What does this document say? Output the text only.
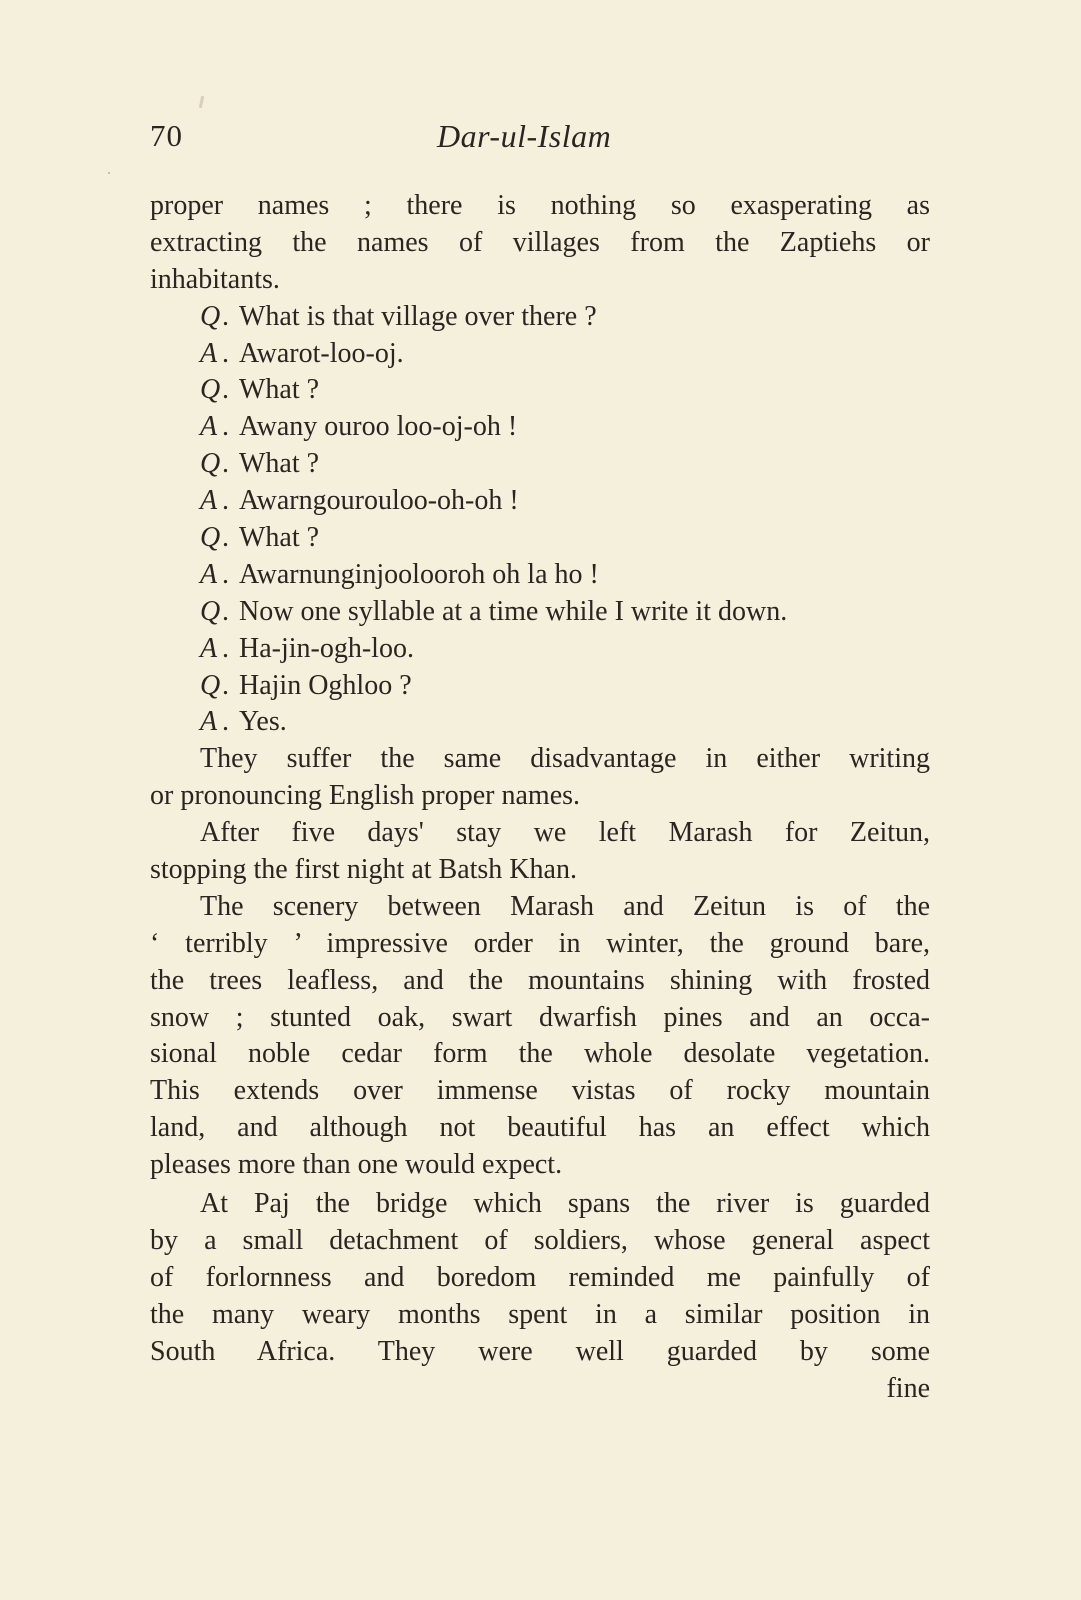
70	Dar-ul-Islam
proper names ; there is nothing so exasperating as
extracting the names of villages from the Zaptiehs or
inhabitants.
Q. What is that village over there ?
A . Awarot-loo-oj.
Q. What ?
A . Awany ouroo loo-oj-oh !
Q. What ?
A . Awarngourouloo-oh-oh !
Q. What ?
A . Awarnunginjoolooroh oh la ho !
Q. Now one syllable at a time while I write it down.
A . Ha-jin-ogh-loo.
Q. Hajin Oghloo ?
A . Yes.
They suffer the same disadvantage in either writing
or pronouncing English proper names.
After five days' stay we left Marash for Zeitun,
stopping the first night at Batsh Khan.
The scenery between Marash and Zeitun is of the
‘ terribly ’ impressive order in winter, the ground bare,
the trees leafless, and the mountains shining with frosted
snow ; stunted oak, swart dwarfish pines and an occa-
sional noble cedar form the whole desolate vegetation.
This extends over immense vistas of rocky mountain
land, and although not beautiful has an effect which
pleases more than one would expect.
At Paj the bridge which spans the river is guarded
by a small detachment of soldiers, whose general aspect
of forlornness and boredom reminded me painfully of
the many weary months spent in a similar position in
South Africa. They were well guarded by some
fine
